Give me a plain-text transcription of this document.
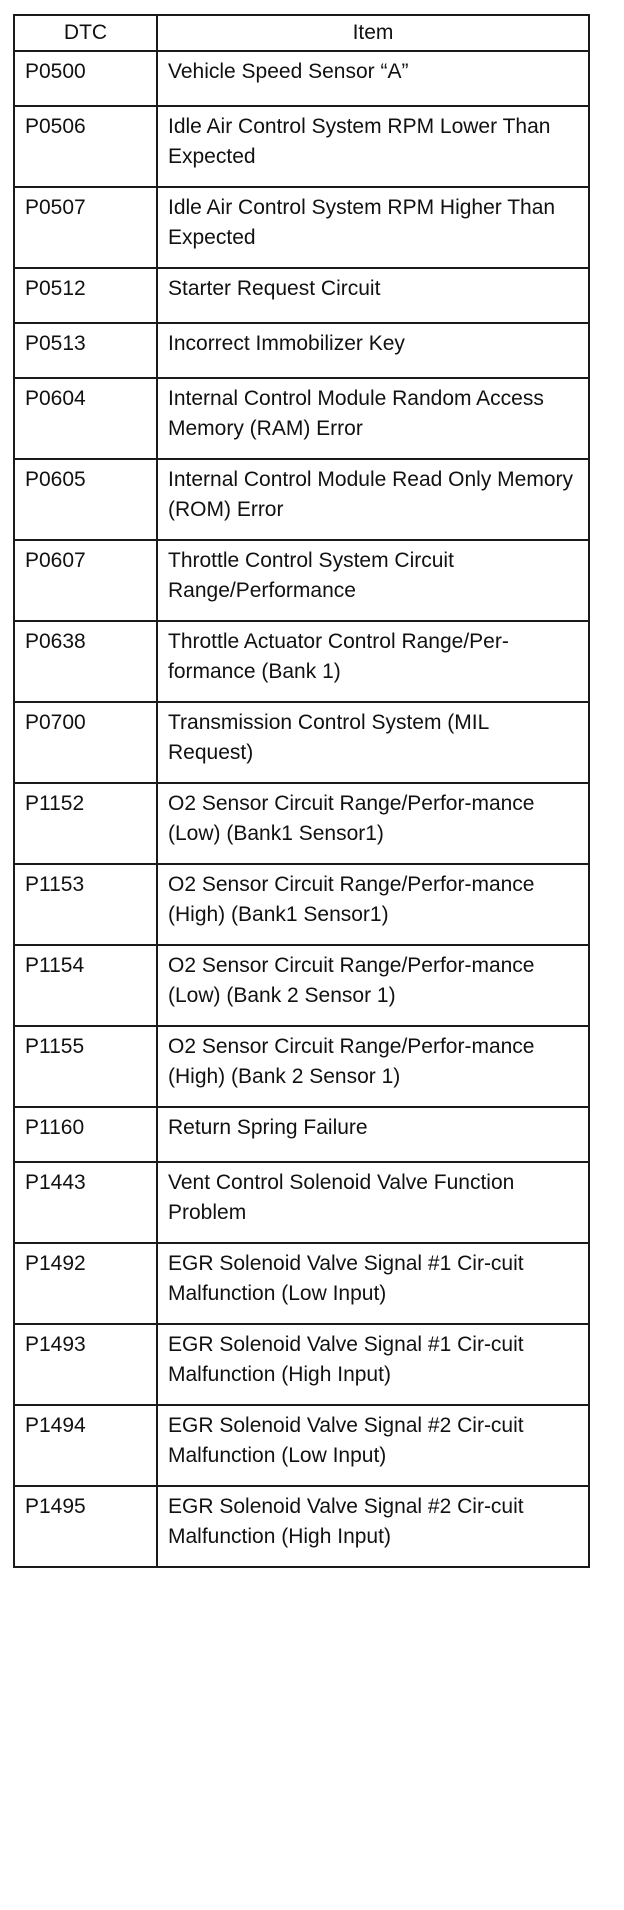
DTC	Item
P0500	Vehicle Speed Sensor “A”
P0506	Idle Air Control System RPM Lower Than Expected
P0507	Idle Air Control System RPM Higher Than Expected
P0512	Starter Request Circuit
P0513	Incorrect Immobilizer Key
P0604	Internal Control Module Random Access Memory (RAM) Error
P0605	Internal Control Module Read Only Memory (ROM) Error
P0607	Throttle Control System Circuit Range/Performance
P0638	Throttle Actuator Control Range/Per-formance (Bank 1)
P0700	Transmission Control System (MIL Request)
P1152	O2 Sensor Circuit Range/Perfor-mance (Low) (Bank1 Sensor1)
P1153	O2 Sensor Circuit Range/Perfor-mance (High) (Bank1 Sensor1)
P1154	O2 Sensor Circuit Range/Perfor-mance (Low) (Bank 2 Sensor 1)
P1155	O2 Sensor Circuit Range/Perfor-mance (High) (Bank 2 Sensor 1)
P1160	Return Spring Failure
P1443	Vent Control Solenoid Valve Function Problem
P1492	EGR Solenoid Valve Signal #1 Cir-cuit Malfunction (Low Input)
P1493	EGR Solenoid Valve Signal #1 Cir-cuit Malfunction (High Input)
P1494	EGR Solenoid Valve Signal #2 Cir-cuit Malfunction (Low Input)
P1495	EGR Solenoid Valve Signal #2 Cir-cuit Malfunction (High Input)
